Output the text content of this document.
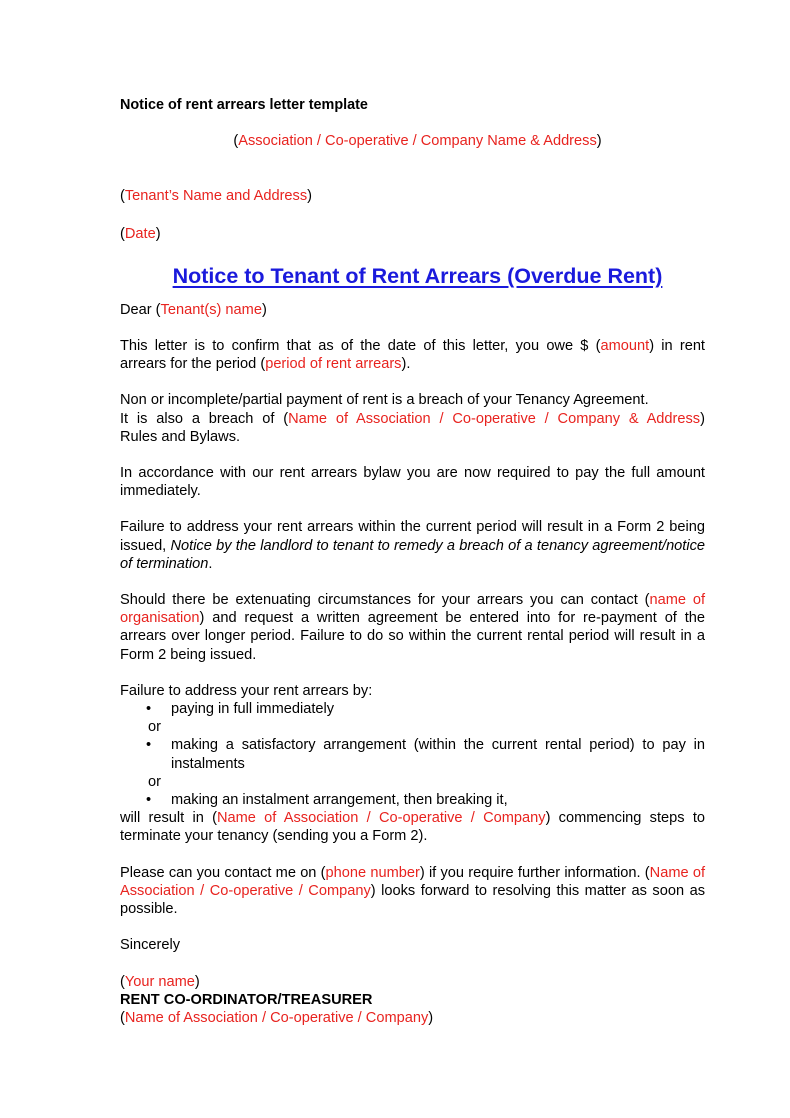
Notice of rent arrears letter template

(Association / Co-operative / Company Name & Address)

(Tenant’s Name and Address)

(Date)

Notice to Tenant of Rent Arrears (Overdue Rent)

Dear (Tenant(s) name)

This letter is to confirm that as of the date of this letter, you owe $ (amount) in rent

arrears for the period (period of rent arrears).

Non or incomplete/partial payment of rent is a breach of your Tenancy Agreement.

It is also a breach of (Name of Association / Co-operative / Company & Address)

Rules and Bylaws.

In accordance with our rent arrears bylaw you are now required to pay the full amount immediately.

Failure to address your rent arrears within the current period will result in a Form 2 being issued, Notice by the landlord to tenant to remedy a breach of a tenancy agreement/notice of termination.

Should there be extenuating circumstances for your arrears you can contact (name of organisation) and request a written agreement be entered into for re-payment of the arrears over longer period. Failure to do so within the current rental period will result in a Form 2 being issued.

Failure to address your rent arrears by:

• paying in full immediately
or
• making a satisfactory arrangement (within the current rental period) to pay in instalments
or
• making an instalment arrangement, then breaking it,

will result in (Name of Association / Co-operative / Company) commencing steps to terminate your tenancy (sending you a Form 2).

Please can you contact me on (phone number) if you require further information. (Name of Association / Co-operative / Company) looks forward to resolving this matter as soon as possible.

Sincerely

(Your name)

RENT CO-ORDINATOR/TREASURER

(Name of Association / Co-operative / Company)
